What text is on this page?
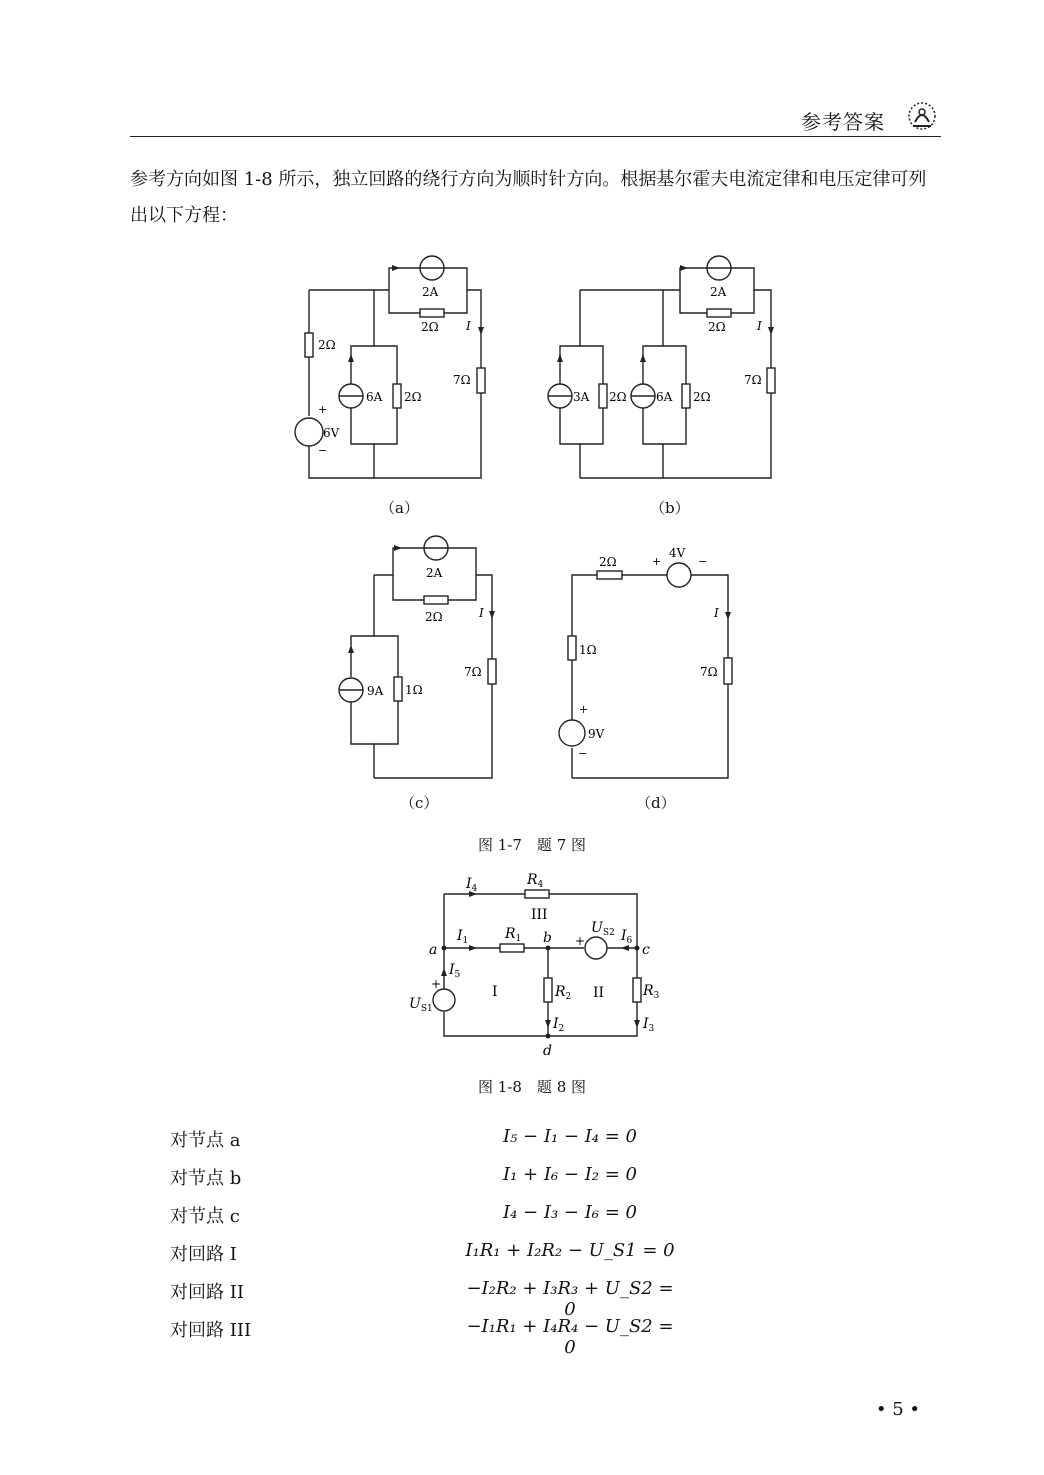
参考答案
参考方向如图 1-8 所示，独立回路的绕行方向为顺时针方向。根据基尔霍夫电流定律和电压定律可列出以下方程：
2Ω
6A 2Ω
2A
2Ω I
7Ω
+
6V
−
（a）
3A 2Ω 6A 2Ω
2A
2Ω	I
7Ω
（b）
9A 1Ω
2A
2Ω	I
7Ω
（c）
2Ω	+
4V
−
1Ω
I
7Ω
+
9V
−
（d）
图 1-7　题 7 图
$I_4$
$R_4$
III
$I_1$	$R_1$ b
$U_{S2}$
+	$I_6$
a	c
$I_5$
+
$U_{S1}$
I	$R_2$ II	$R_3$
$I_2$	$I_3$
d
图 1-8　题 8 图
对节点 a	I₅ − I₁ − I₄ = 0
对节点 b	I₁ + I₆ − I₂ = 0
对节点 c	I₄ − I₃ − I₆ = 0
对回路 I	I₁R₁ + I₂R₂ − U_S1 = 0
对回路 II	−I₂R₂ + I₃R₃ + U_S2 = 0
对回路 III	−I₁R₁ + I₄R₄ − U_S2 = 0
• 5 •
